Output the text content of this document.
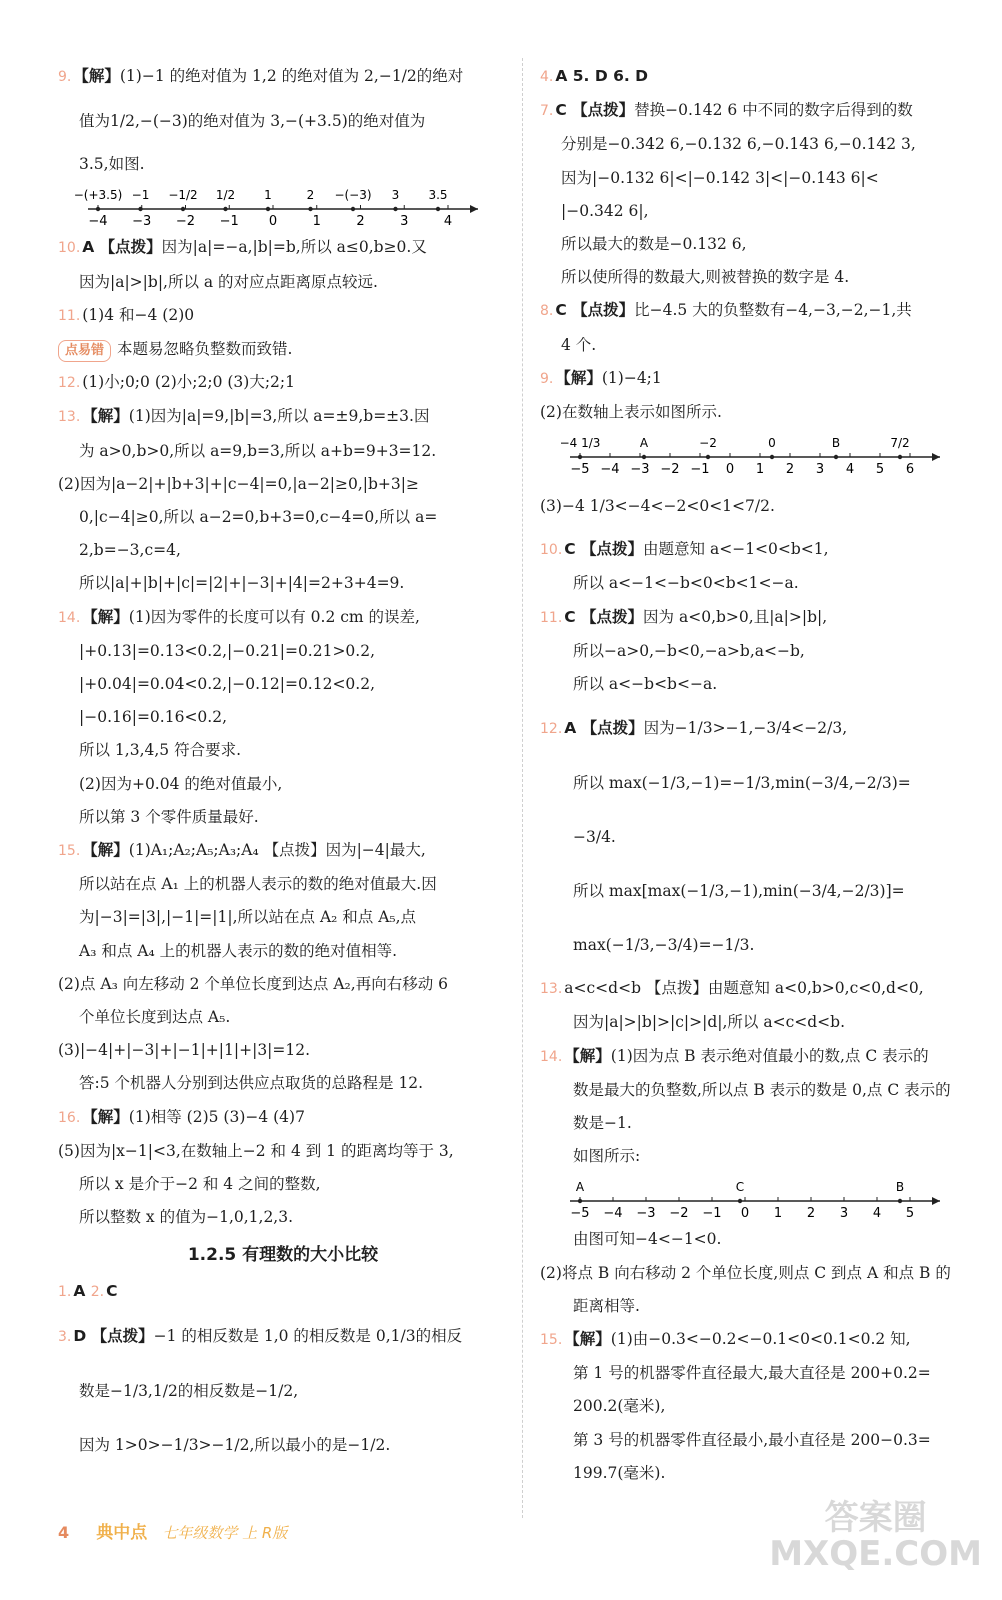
9. 【解】(1)−1 的绝对值为 1,2 的绝对值为 2,−1/2的绝对
值为1/2,−(−3)的绝对值为 3,−(+3.5)的绝对值为
3.5,如图.
−4 −3 −2 −1 0	1	2	3	4
−(+3.5) −1 −1/2 1/2 1	2 −(−3) 3 3.5
10. A 【点拨】因为|a|=−a,|b|=b,所以 a≤0,b≥0.又
因为|a|>|b|,所以 a 的对应点距离原点较远.
11. (1)4 和−4 (2)0
点易错 本题易忽略负整数而致错.
12. (1)小;0;0 (2)小;2;0 (3)大;2;1
13. 【解】(1)因为|a|=9,|b|=3,所以 a=±9,b=±3.因
为 a>0,b>0,所以 a=9,b=3,所以 a+b=9+3=12.
(2)因为|a−2|+|b+3|+|c−4|=0,|a−2|≥0,|b+3|≥
0,|c−4|≥0,所以 a−2=0,b+3=0,c−4=0,所以 a=
2,b=−3,c=4,
所以|a|+|b|+|c|=|2|+|−3|+|4|=2+3+4=9.
14. 【解】(1)因为零件的长度可以有 0.2 cm 的误差,
|+0.13|=0.13<0.2,|−0.21|=0.21>0.2,
|+0.04|=0.04<0.2,|−0.12|=0.12<0.2,
|−0.16|=0.16<0.2,
所以 1,3,4,5 符合要求.
(2)因为+0.04 的绝对值最小,
所以第 3 个零件质量最好.
15. 【解】(1)A₁;A₂;A₅;A₃;A₄ 【点拨】因为|−4|最大,
所以站在点 A₁ 上的机器人表示的数的绝对值最大.因
为|−3|=|3|,|−1|=|1|,所以站在点 A₂ 和点 A₅,点
A₃ 和点 A₄ 上的机器人表示的数的绝对值相等.
(2)点 A₃ 向左移动 2 个单位长度到达点 A₂,再向右移动 6
个单位长度到达点 A₅.
(3)|−4|+|−3|+|−1|+|1|+|3|=12.
答:5 个机器人分别到达供应点取货的总路程是 12.
16. 【解】(1)相等 (2)5 (3)−4 (4)7
(5)因为|x−1|<3,在数轴上−2 和 4 到 1 的距离均等于 3,
所以 x 是介于−2 和 4 之间的整数,
所以整数 x 的值为−1,0,1,2,3.
1.2.5 有理数的大小比较
1. A 2. C
3. D 【点拨】−1 的相反数是 1,0 的相反数是 0,1/3的相反
数是−1/3,1/2的相反数是−1/2,
因为 1>0>−1/3>−1/2,所以最小的是−1/2.
4. A 5. D 6. D
7. C 【点拨】替换−0.142 6 中不同的数字后得到的数
分别是−0.342 6,−0.132 6,−0.143 6,−0.142 3,
因为|−0.132 6|<|−0.142 3|<|−0.143 6|<
|−0.342 6|,
所以最大的数是−0.132 6,
所以使所得的数最大,则被替换的数字是 4.
8. C 【点拨】比−4.5 大的负整数有−4,−3,−2,−1,共
4 个.
9. 【解】(1)−4;1
(2)在数轴上表示如图所示.
−5 −4 −3 −2 −1 0 1 2 3 4 5 6
−4 1/3	A	−2	0	B	7/2
(3)−4 1/3<−4<−2<0<1<7/2.
10. C 【点拨】由题意知 a<−1<0<b<1,
所以 a<−1<−b<0<b<1<−a.
11. C 【点拨】因为 a<0,b>0,且|a|>|b|,
所以−a>0,−b<0,−a>b,a<−b,
所以 a<−b<b<−a.
12. A 【点拨】因为−1/3>−1,−3/4<−2/3,
所以 max(−1/3,−1)=−1/3,min(−3/4,−2/3)=
−3/4.
所以 max[max(−1/3,−1),min(−3/4,−2/3)]=
max(−1/3,−3/4)=−1/3.
13. a<c<d<b 【点拨】由题意知 a<0,b>0,c<0,d<0,
因为|a|>|b|>|c|>|d|,所以 a<c<d<b.
14. 【解】(1)因为点 B 表示绝对值最小的数,点 C 表示的
数是最大的负整数,所以点 B 表示的数是 0,点 C 表示的
数是−1.
如图所示:
−5 −4 −3 −2 −1 0 1 2 3 4 5
A	C	B
由图可知−4<−1<0.
(2)将点 B 向右移动 2 个单位长度,则点 C 到点 A 和点 B 的
距离相等.
15. 【解】(1)由−0.3<−0.2<−0.1<0<0.1<0.2 知,
第 1 号的机器零件直径最大,最大直径是 200+0.2=
200.2(毫米),
第 3 号的机器零件直径最小,最小直径是 200−0.3=
199.7(毫米).
4 典中点 七年级数学 上 R版	答案圈
MXQE.COM
